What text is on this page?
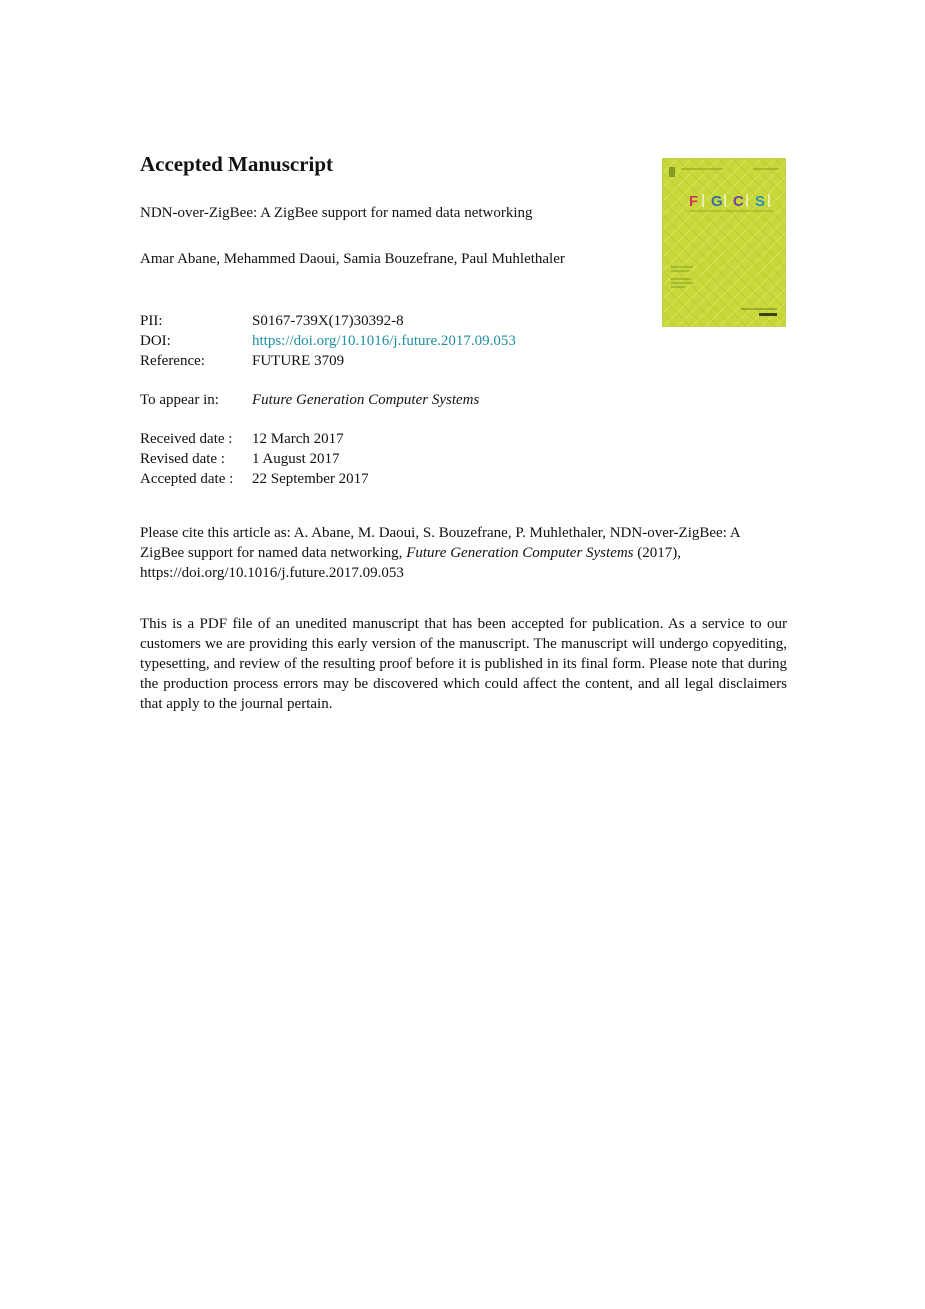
Accepted Manuscript
NDN-over-ZigBee: A ZigBee support for named data networking
Amar Abane, Mehammed Daoui, Samia Bouzefrane, Paul Muhlethaler
PII:	S0167-739X(17)30392-8
DOI:	https://doi.org/10.1016/j.future.2017.09.053
Reference:	FUTURE 3709
To appear in: Future Generation Computer Systems
Received date : 12 March 2017
Revised date : 1 August 2017
Accepted date : 22 September 2017
Please cite this article as: A. Abane, M. Daoui, S. Bouzefrane, P. Muhlethaler, NDN-over-ZigBee: A ZigBee support for named data networking, Future Generation Computer Systems (2017), https://doi.org/10.1016/j.future.2017.09.053
This is a PDF file of an unedited manuscript that has been accepted for publication. As a service to our customers we are providing this early version of the manuscript. The manuscript will undergo copyediting, typesetting, and review of the resulting proof before it is published in its final form. Please note that during the production process errors may be discovered which could affect the content, and all legal disclaimers that apply to the journal pertain.
F G C S
